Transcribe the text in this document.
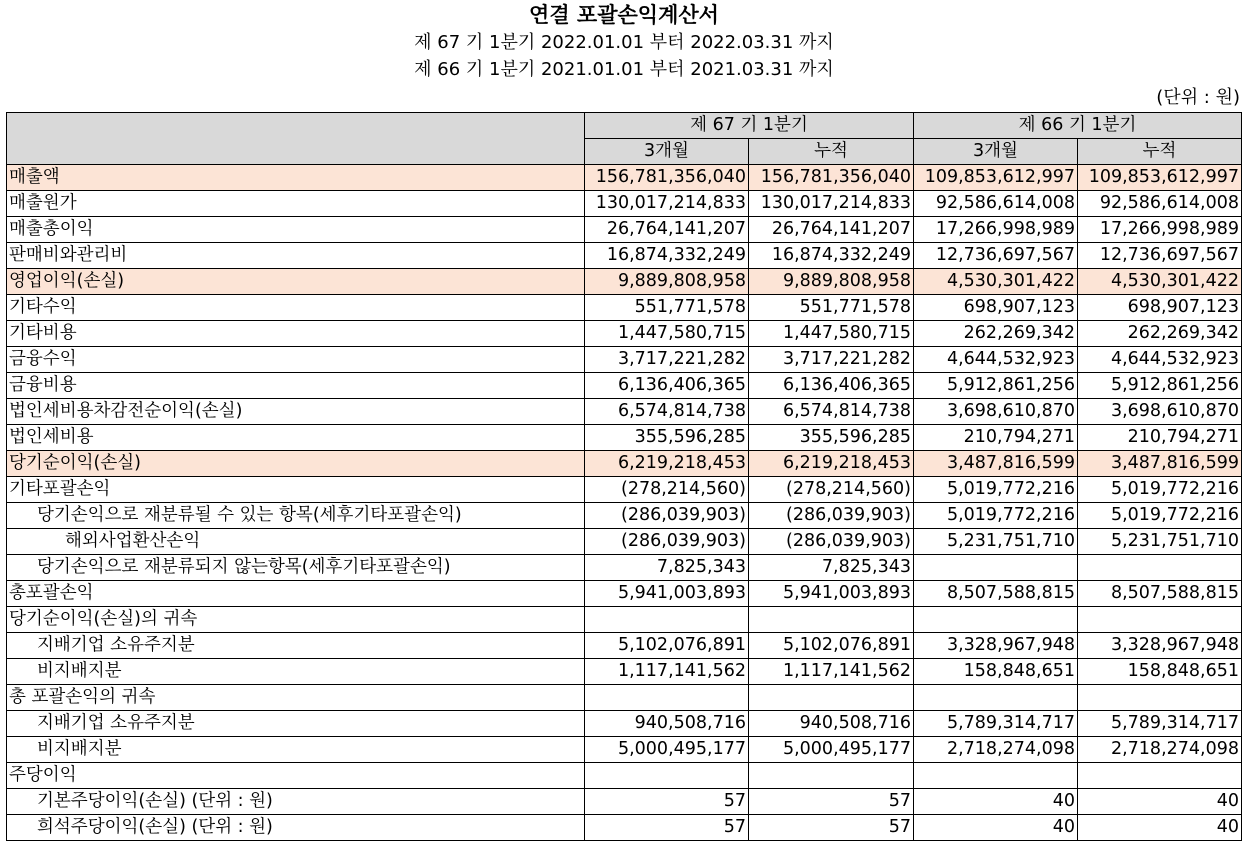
연결 포괄손익계산서
제 67 기 1분기 2022.01.01 부터 2022.03.31 까지
제 66 기 1분기 2021.01.01 부터 2021.03.31 까지
(단위 : 원)
	제 67 기 1분기		제 66 기 1분기	
	3개월	누적	3개월	누적
매출액	156,781,356,040	156,781,356,040	109,853,612,997	109,853,612,997
매출원가	130,017,214,833	130,017,214,833	92,586,614,008	92,586,614,008
매출총이익	26,764,141,207	26,764,141,207	17,266,998,989	17,266,998,989
판매비와관리비	16,874,332,249	16,874,332,249	12,736,697,567	12,736,697,567
영업이익(손실)	9,889,808,958	9,889,808,958	4,530,301,422	4,530,301,422
기타수익	551,771,578	551,771,578	698,907,123	698,907,123
기타비용	1,447,580,715	1,447,580,715	262,269,342	262,269,342
금융수익	3,717,221,282	3,717,221,282	4,644,532,923	4,644,532,923
금융비용	6,136,406,365	6,136,406,365	5,912,861,256	5,912,861,256
법인세비용차감전순이익(손실)	6,574,814,738	6,574,814,738	3,698,610,870	3,698,610,870
법인세비용	355,596,285	355,596,285	210,794,271	210,794,271
당기순이익(손실)	6,219,218,453	6,219,218,453	3,487,816,599	3,487,816,599
기타포괄손익	(278,214,560)	(278,214,560)	5,019,772,216	5,019,772,216
당기손익으로 재분류될 수 있는 항목(세후기타포괄손익)	(286,039,903)	(286,039,903)	5,019,772,216	5,019,772,216
해외사업환산손익	(286,039,903)	(286,039,903)	5,231,751,710	5,231,751,710
당기손익으로 재분류되지 않는항목(세후기타포괄손익)	7,825,343	7,825,343		
총포괄손익	5,941,003,893	5,941,003,893	8,507,588,815	8,507,588,815
당기순이익(손실)의 귀속				
지배기업 소유주지분	5,102,076,891	5,102,076,891	3,328,967,948	3,328,967,948
비지배지분	1,117,141,562	1,117,141,562	158,848,651	158,848,651
총 포괄손익의 귀속				
지배기업 소유주지분	940,508,716	940,508,716	5,789,314,717	5,789,314,717
비지배지분	5,000,495,177	5,000,495,177	2,718,274,098	2,718,274,098
주당이익				
기본주당이익(손실) (단위 : 원)	57	57	40	40
희석주당이익(손실) (단위 : 원)	57	57	40	40
